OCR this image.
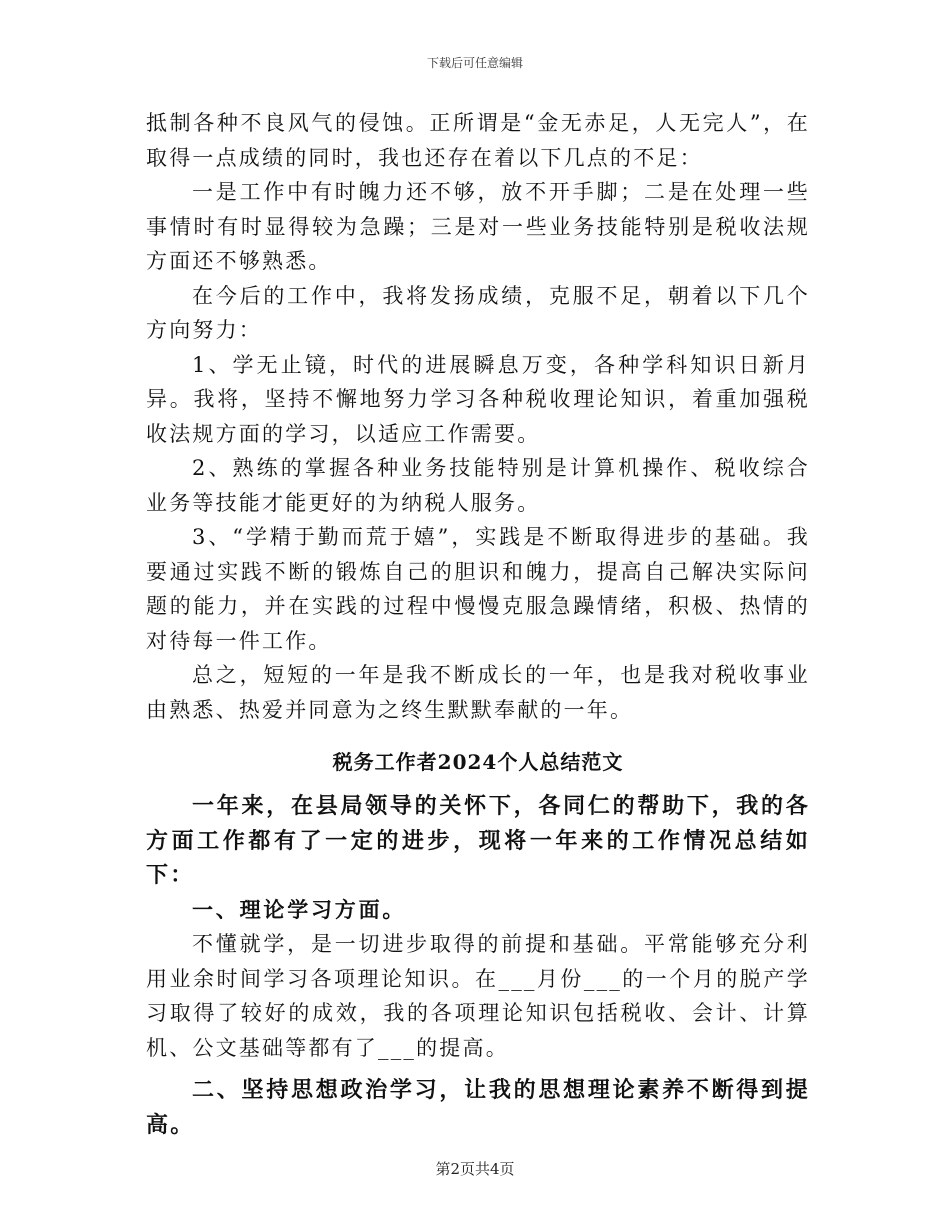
下载后可任意编辑

抵制各种不良风气的侵蚀。正所谓是“金无赤足，人无完人”，在取得一点成绩的同时，我也还存在着以下几点的不足：

一是工作中有时魄力还不够，放不开手脚；二是在处理一些事情时有时显得较为急躁；三是对一些业务技能特别是税收法规方面还不够熟悉。

在今后的工作中，我将发扬成绩，克服不足，朝着以下几个方向努力：

1、学无止镜，时代的进展瞬息万变，各种学科知识日新月异。我将，坚持不懈地努力学习各种税收理论知识，着重加强税收法规方面的学习，以适应工作需要。

2、熟练的掌握各种业务技能特别是计算机操作、税收综合业务等技能才能更好的为纳税人服务。

3、“学精于勤而荒于嬉”，实践是不断取得进步的基础。我要通过实践不断的锻炼自己的胆识和魄力，提高自己解决实际问题的能力，并在实践的过程中慢慢克服急躁情绪，积极、热情的对待每一件工作。

总之，短短的一年是我不断成长的一年，也是我对税收事业由熟悉、热爱并同意为之终生默默奉献的一年。

税务工作者2024个人总结范文

一年来，在县局领导的关怀下，各同仁的帮助下，我的各方面工作都有了一定的进步，现将一年来的工作情况总结如下：

一、理论学习方面。

不懂就学，是一切进步取得的前提和基础。平常能够充分利用业余时间学习各项理论知识。在___月份___的一个月的脱产学习取得了较好的成效，我的各项理论知识包括税收、会计、计算机、公文基础等都有了___的提高。

二、坚持思想政治学习，让我的思想理论素养不断得到提高。

第2页共4页
